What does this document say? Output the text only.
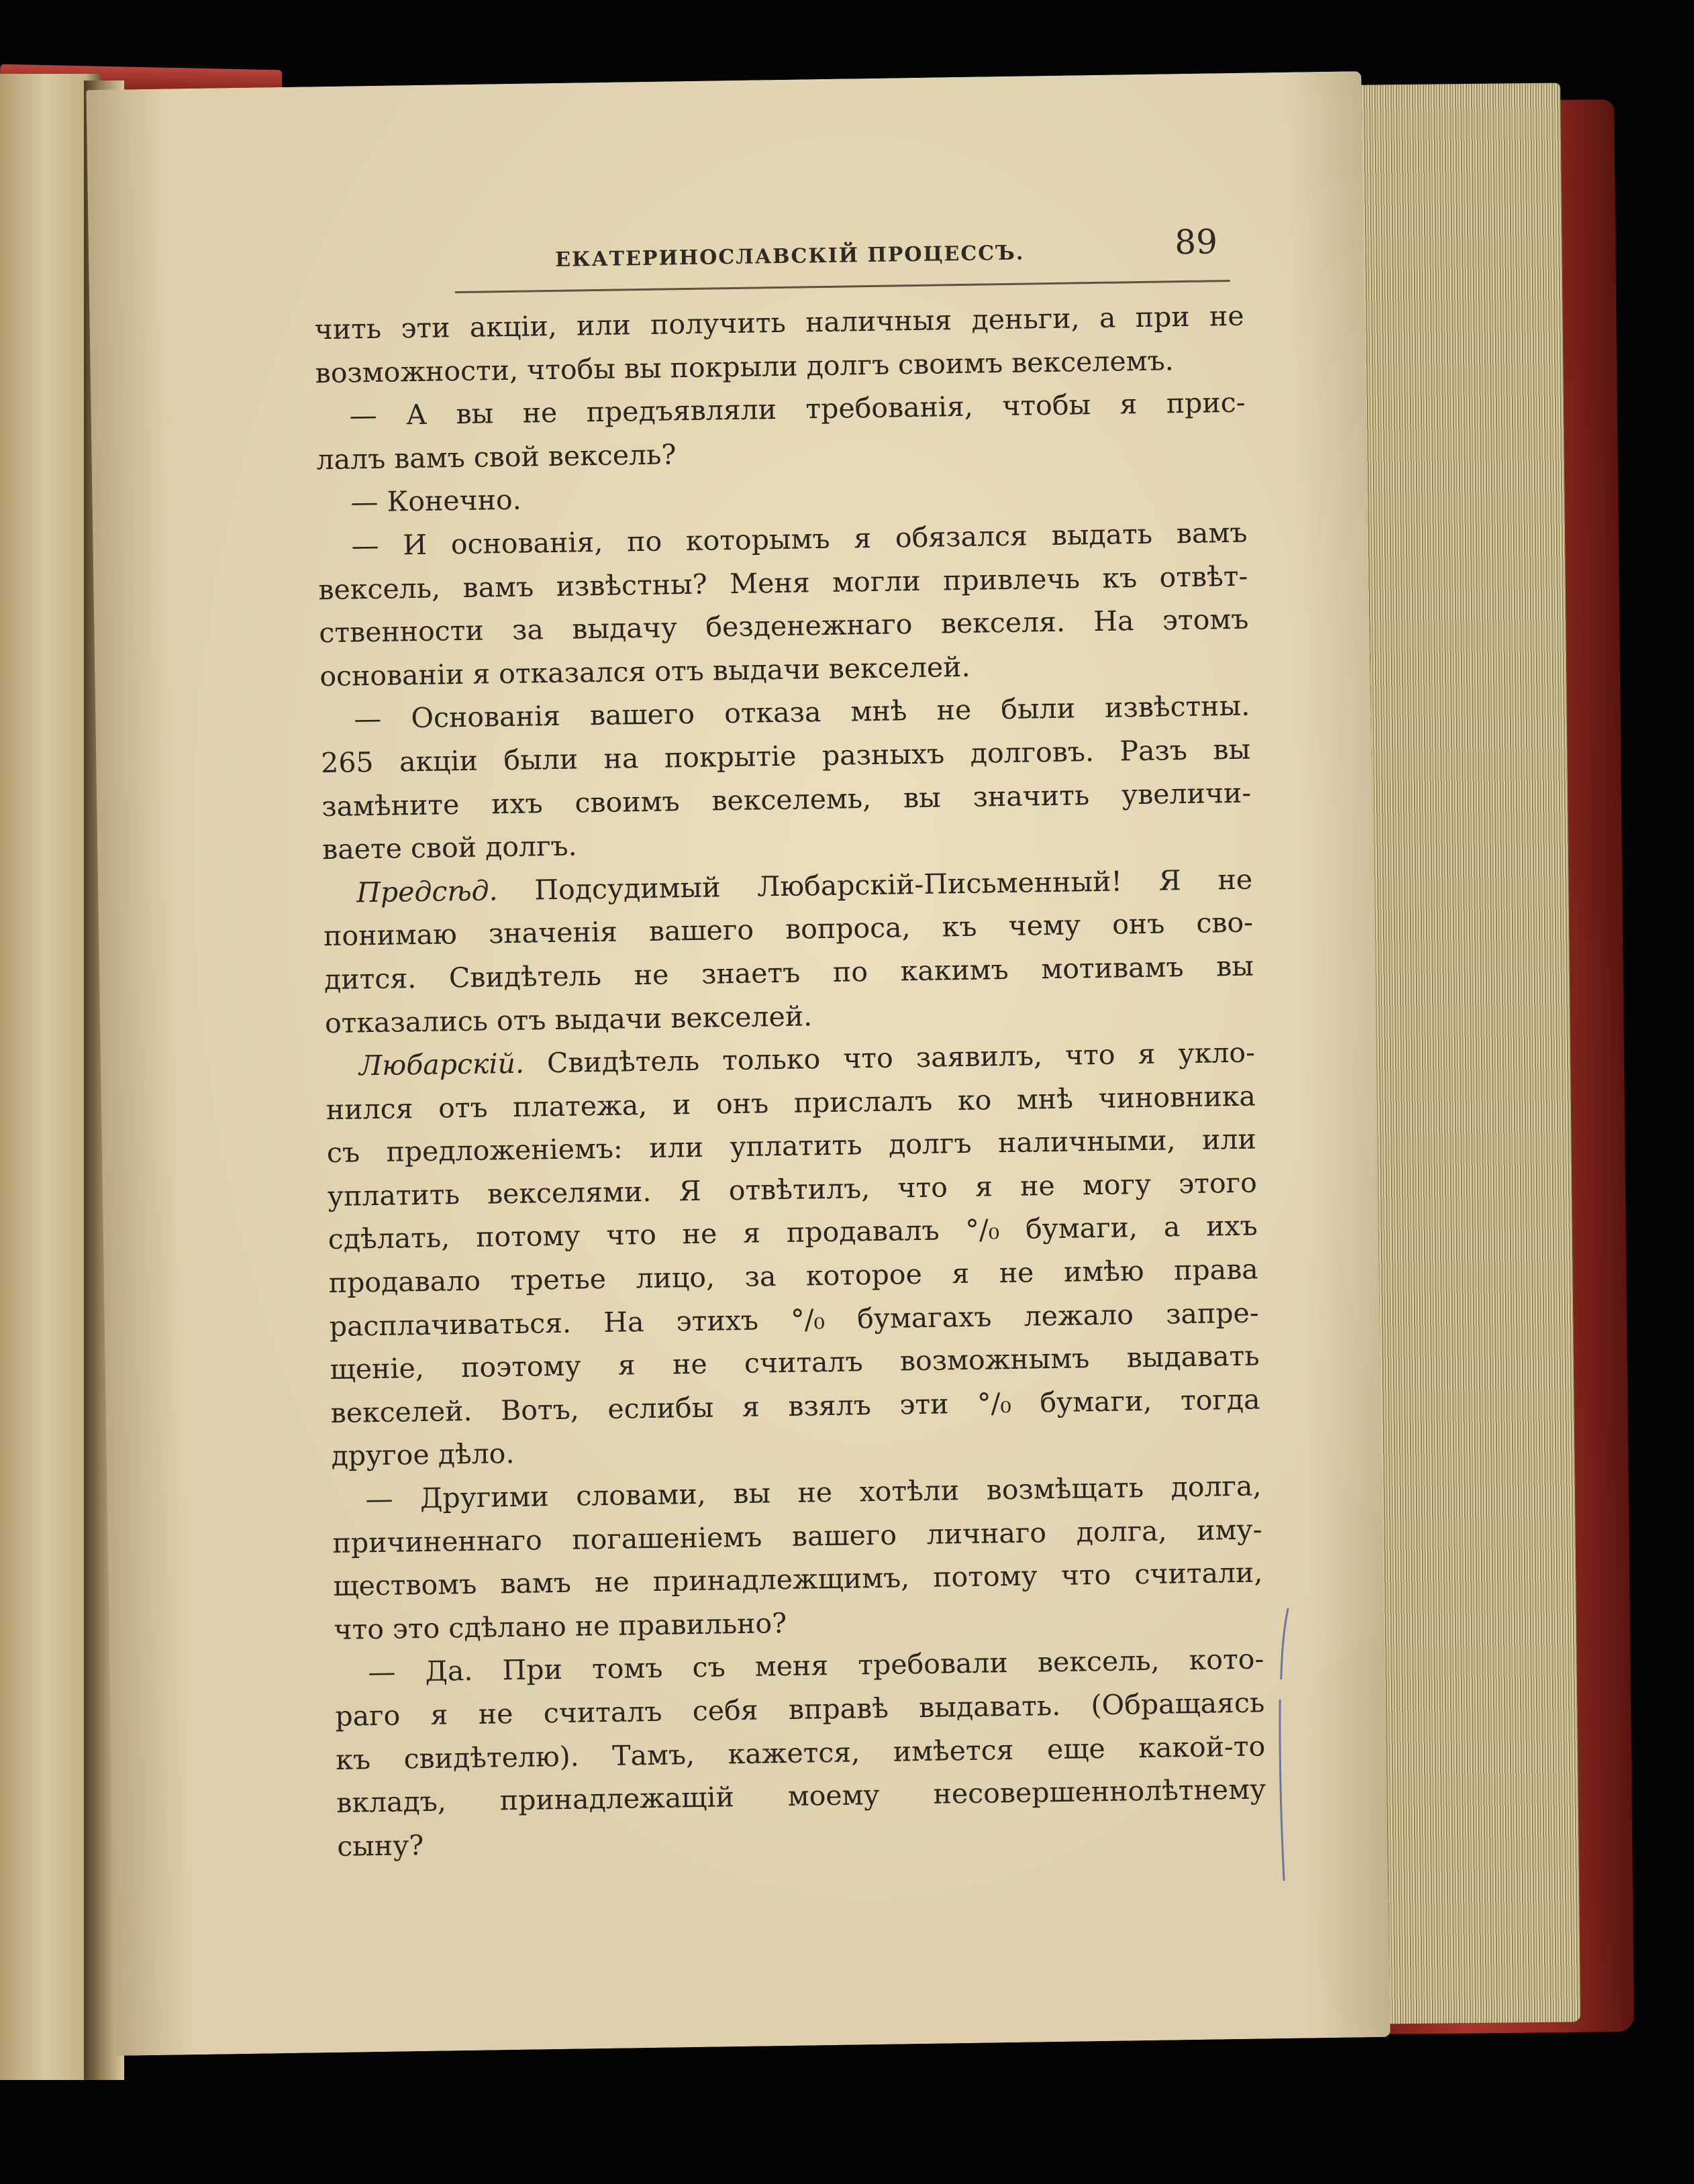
ЕКАТЕРИНОСЛАВСКІЙ ПРОЦЕССЪ.	89
чить эти акціи, или получить наличныя деньги, а при не
возможности, чтобы вы покрыли долгъ своимъ векселемъ.
— А вы не предъявляли требованія, чтобы я прис-
лалъ вамъ свой вексель?
— Конечно.
— И основанія, по которымъ я обязался выдать вамъ
вексель, вамъ извѣстны? Меня могли привлечь къ отвѣт-
ственности за выдачу безденежнаго векселя. На этомъ
основаніи я отказался отъ выдачи векселей.
— Основанія вашего отказа мнѣ не были извѣстны.
265 акціи были на покрытіе разныхъ долговъ. Разъ вы
замѣните ихъ своимъ векселемь, вы значить увеличи-
ваете свой долгъ.
Предсѣд. Подсудимый Любарскій-Письменный! Я не
понимаю значенія вашего вопроса, къ чему онъ сво-
дится. Свидѣтель не знаетъ по какимъ мотивамъ вы
отказались отъ выдачи векселей.
Любарскій. Свидѣтель только что заявилъ, что я укло-
нился отъ платежа, и онъ прислалъ ко мнѣ чиновника
съ предложеніемъ: или уплатить долгъ наличными, или
уплатить векселями. Я отвѣтилъ, что я не могу этого
сдѣлать, потому что не я продавалъ °/₀ бумаги, а ихъ
продавало третье лицо, за которое я не имѣю права
расплачиваться. На этихъ °/₀ бумагахъ лежало запре-
щеніе, поэтому я не считалъ возможнымъ выдавать
векселей. Вотъ, еслибы я взялъ эти °/₀ бумаги, тогда
другое дѣло.
— Другими словами, вы не хотѣли возмѣщать долга,
причиненнаго погашеніемъ вашего личнаго долга, иму-
ществомъ вамъ не принадлежщимъ, потому что считали,
что это сдѣлано не правильно?
— Да. При томъ съ меня требовали вексель, кото-
раго я не считалъ себя вправѣ выдавать. (Обращаясь
къ свидѣтелю). Тамъ, кажется, имѣется еще какой-то
вкладъ, принадлежащій моему несовершеннолѣтнему
сыну?
